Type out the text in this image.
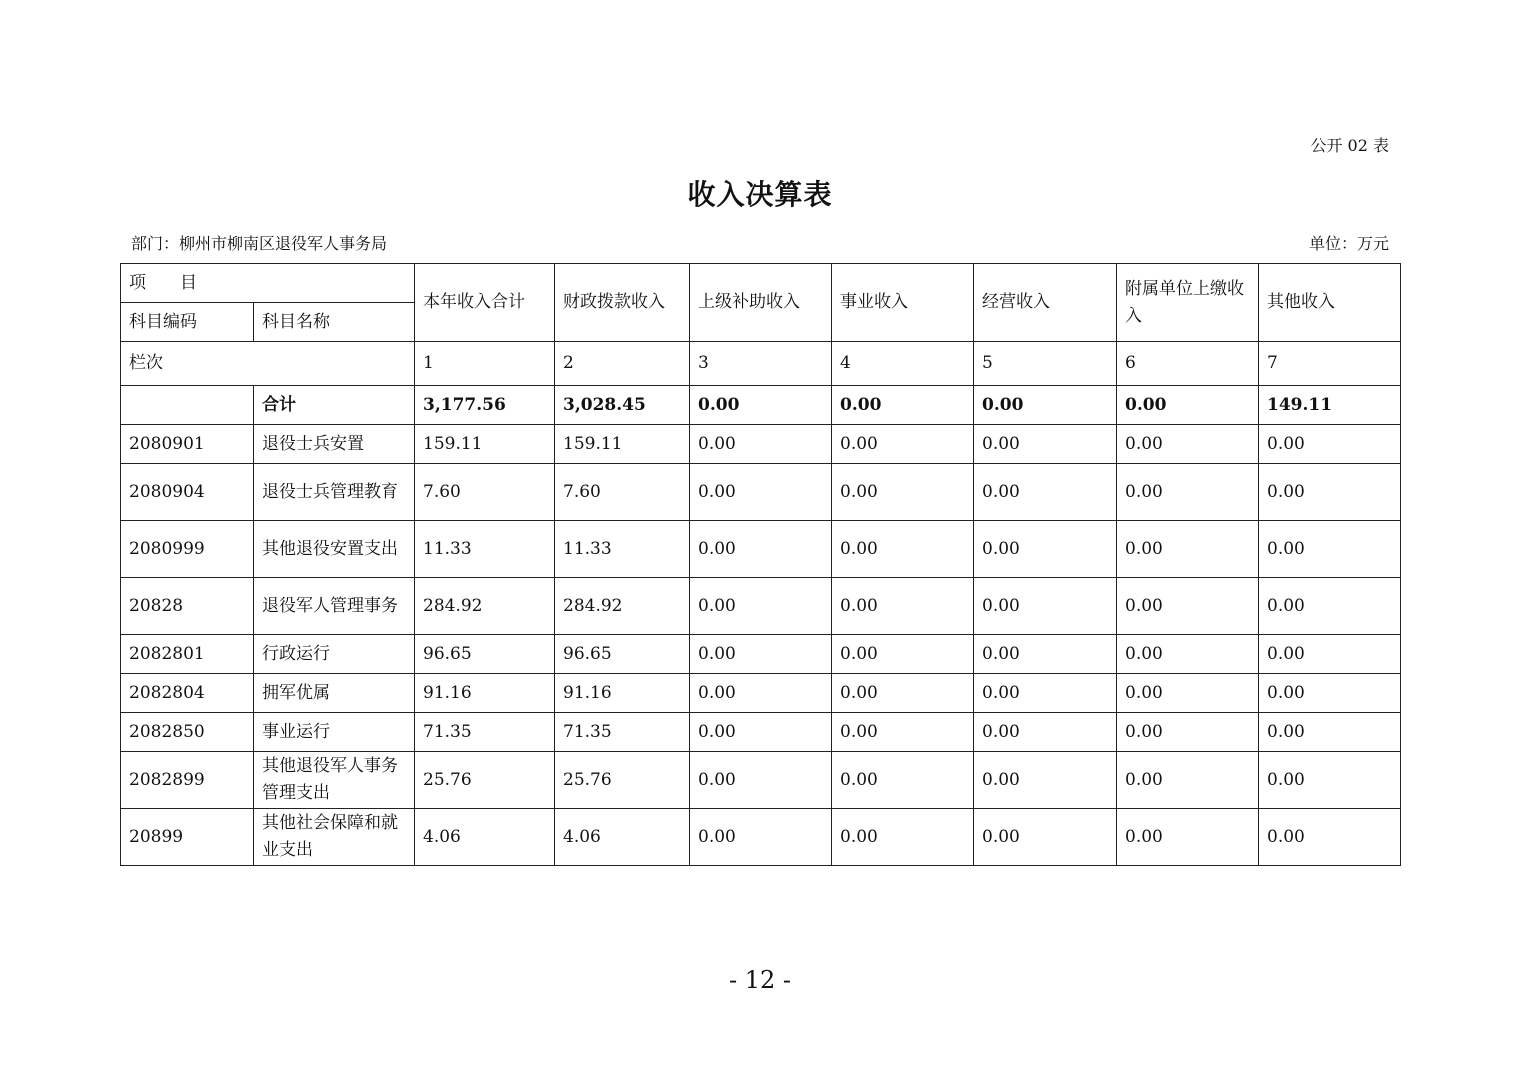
公开 02 表
收入决算表
部门：柳州市柳南区退役军人事务局	单位：万元
项　　目		本年收入合计	财政拨款收入	上级补助收入	事业收入	经营收入	附属单位上缴收入	其他收入
科目编码	科目名称							
栏次		1	2	3	4	5	6	7
	合计	3,177.56	3,028.45	0.00	0.00	0.00	0.00	149.11
2080901	退役士兵安置	159.11	159.11	0.00	0.00	0.00	0.00	0.00
2080904	退役士兵管理教育	7.60	7.60	0.00	0.00	0.00	0.00	0.00
2080999	其他退役安置支出	11.33	11.33	0.00	0.00	0.00	0.00	0.00
20828	退役军人管理事务	284.92	284.92	0.00	0.00	0.00	0.00	0.00
2082801	行政运行	96.65	96.65	0.00	0.00	0.00	0.00	0.00
2082804	拥军优属	91.16	91.16	0.00	0.00	0.00	0.00	0.00
2082850	事业运行	71.35	71.35	0.00	0.00	0.00	0.00	0.00
2082899	其他退役军人事务管理支出	25.76	25.76	0.00	0.00	0.00	0.00	0.00
20899	其他社会保障和就业支出	4.06	4.06	0.00	0.00	0.00	0.00	0.00
- 12 -
